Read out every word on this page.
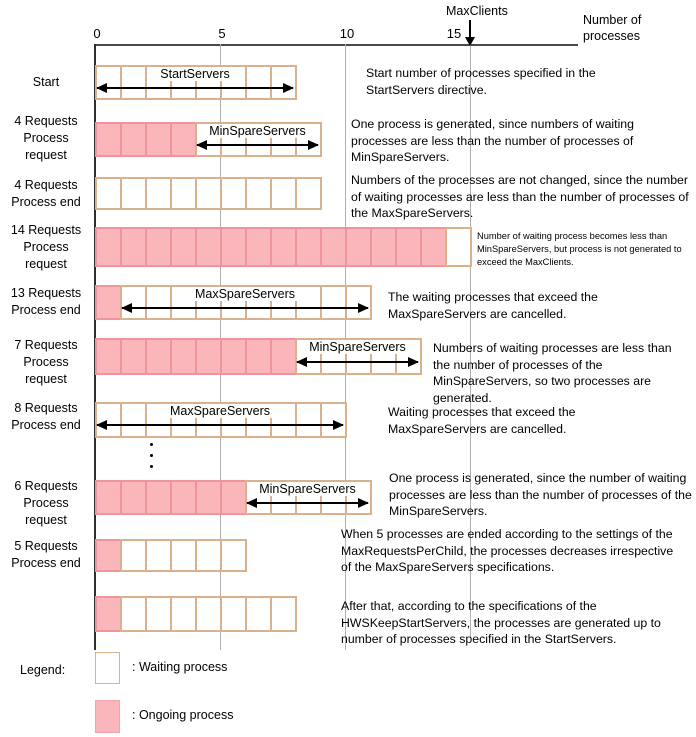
Number of
processes
MaxClients
0	5	10	15
Start
StartServers	Start number of processes specified in the StartServers directive.
4 Requests
Process
request
MinSpareServers	One process is generated, since numbers of waiting processes are less than the number of processes of MinSpareServers.
4 Requests
Process end
Numbers of the processes are not changed, since the number of waiting processes are less than the number of processes of the MaxSpareServers.
14 Requests
Process
request
Number of waiting process becomes less than MinSpareServers, but process is not generated to exceed the MaxClients.
13 Requests
Process end
MaxSpareServers	The waiting processes that exceed the MaxSpareServers are cancelled.
7 Requests
Process
request
MinSpareServers Numbers of waiting processes are less than the number of processes of the MinSpareServers, so two processes are generated.
8 Requests
Process end
MaxSpareServers	Waiting processes that exceed the MaxSpareServers are cancelled.
6 Requests
Process
request
MinSpareServers
One process is generated, since the number of waiting processes are less than the number of processes of the MinSpareServers.
5 Requests
Process end
When 5 processes are ended according to the settings of the MaxRequestsPerChild, the processes decreases irrespective of the MaxSpareServers specifications.
After that, according to the specifications of the HWSKeepStartServers, the processes are generated up to number of processes specified in the StartServers.
Legend:	: Waiting process
: Ongoing process
